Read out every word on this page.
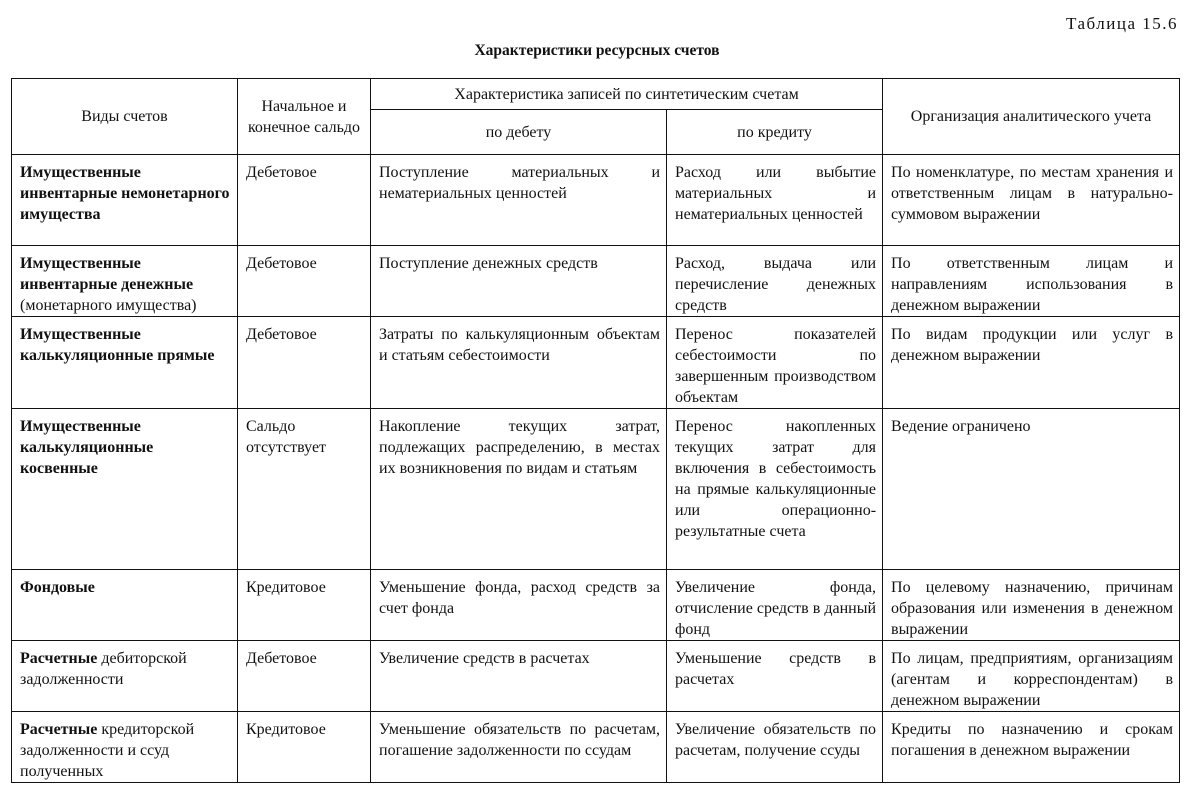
Таблица 15.6
Характеристики ресурсных счетов
Виды счетов	Начальное и конечное сальдо	Характеристика записей по синтетическим счетам		Организация аналитического учета
		по дебету	по кредиту	
Имущественные инвентарные немонетарного имущества	Дебетовое	Поступление материальных и нематериальных ценностей	Расход или выбытие материальных и нематериальных ценностей	По номенклатуре, по местам хранения и ответственным лицам в натурально-суммовом выражении
Имущественные инвентарные денежные (монетарного имущества)	Дебетовое	Поступление денежных средств	Расход, выдача или перечисление денежных средств	По ответственным лицам и направлениям использования в денежном выражении
Имущественные калькуляционные прямые	Дебетовое	Затраты по калькуляционным объектам и статьям себестоимости	Перенос показателей себестоимости по завершенным производством объектам	По видам продукции или услуг в денежном выражении
Имущественные калькуляционные косвенные	Сальдо отсутствует	Накопление текущих затрат, подлежащих распределению, в местах их возникновения по видам и статьям	Перенос накопленных текущих затрат для включения в себестоимость на прямые калькуляционные или операционно-результатные счета	Ведение ограничено
Фондовые	Кредитовое	Уменьшение фонда, расход средств за счет фонда	Увеличение фонда, отчисление средств в данный фонд	По целевому назначению, причинам образования или изменения в денежном выражении
Расчетные дебиторской задолженности	Дебетовое	Увеличение средств в расчетах	Уменьшение средств в расчетах	По лицам, предприятиям, организациям (агентам и корреспондентам) в денежном выражении
Расчетные кредиторской задолженности и ссуд полученных	Кредитовое	Уменьшение обязательств по расчетам, погашение задолженности по ссудам	Увеличение обязательств по расчетам, получение ссуды	Кредиты по назначению и срокам погашения в денежном выражении
